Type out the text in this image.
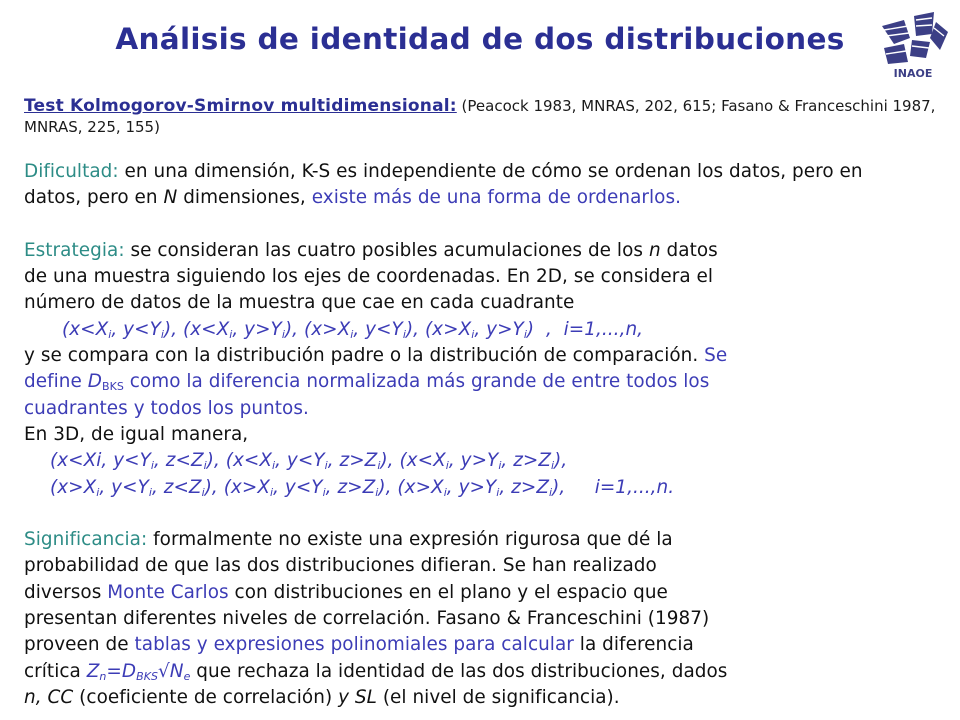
Análisis de identidad de dos distribuciones
INAOE
Test Kolmogorov-Smirnov multidimensional: (Peacock 1983, MNRAS, 202, 615; Fasano & Franceschini 1987, MNRAS, 225, 155)

Dificultad: en una dimensión, K-S es independiente de cómo se ordenan los datos, pero en

datos, pero en N dimensiones, existe más de una forma de ordenarlos.

Estrategia: se consideran las cuatro posibles acumulaciones de los n datos

de una muestra siguiendo los ejes de coordenadas. En 2D, se considera el

número de datos de la muestra que cae en cada cuadrante

($x<X_i$, $y<Y_i$), ($x<X_i$, $y>Y_i$), ($x>X_i$, $y<Y_i$), ($x>X_i$, $y>Y_i$)  ,  i=1,...,n,

y se compara con la distribución padre o la distribución de comparación. Se

define $D_{BKS}$ como la diferencia normalizada más grande de entre todos los

cuadrantes y todos los puntos.

En 3D, de igual manera,

(x<Xi, $y<Y_i$, $z<Z_i$), ($x<X_i$, $y<Y_i$, $z>Z_i$), ($x<X_i$, $y>Y_i$, $z>Z_i$),

($x>X_i$, $y<Y_i$, $z<Z_i$), ($x>X_i$, $y<Y_i$, $z>Z_i$), ($x>X_i$, $y>Y_i$, $z>Z_i$),     i=1,...,n.

Significancia: formalmente no existe una expresión rigurosa que dé la

probabilidad de que las dos distribuciones difieran. Se han realizado

diversos Monte Carlos con distribuciones en el plano y el espacio que

presentan diferentes niveles de correlación. Fasano & Franceschini (1987)

proveen de tablas y expresiones polinomiales para calcular la diferencia

crítica $Z_n=D_{BKS}√N_e$ que rechaza la identidad de las dos distribuciones, dados

n, CC (coeficiente de correlación) y SL (el nivel de significancia).
